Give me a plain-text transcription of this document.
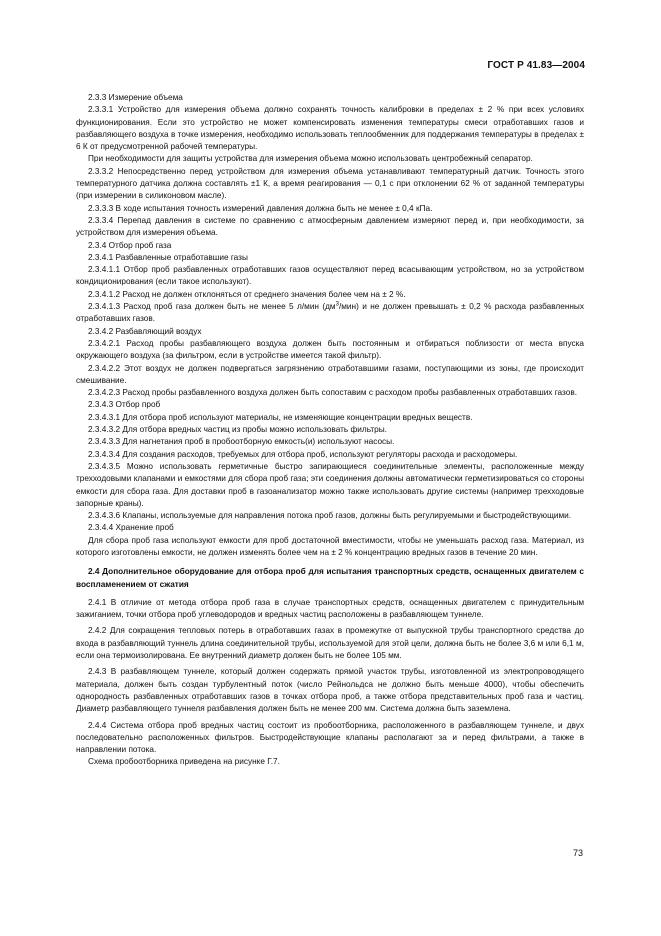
ГОСТ Р 41.83—2004
2.3.3 Измерение объема
2.3.3.1 Устройство для измерения объема должно сохранять точность калибровки в пределах ± 2 % при всех условиях функционирования. Если это устройство не может компенсировать изменения температуры смеси отработавших газов и разбавляющего воздуха в точке измерения, необходимо использовать теплообменник для поддержания температуры в пределах ± 6 К от предусмотренной рабочей температуры.
При необходимости для защиты устройства для измерения объема можно использовать центробежный сепаратор.
2.3.3.2 Непосредственно перед устройством для измерения объема устанавливают температурный датчик. Точность этого температурного датчика должна составлять ±1 К, а время реагирования — 0,1 с при отклонении 62 % от заданной температуры (при измерении в силиконовом масле).
2.3.3.3 В ходе испытания точность измерений давления должна быть не менее ± 0,4 кПа.
2.3.3.4 Перепад давления в системе по сравнению с атмосферным давлением измеряют перед и, при необходимости, за устройством для измерения объема.
2.3.4 Отбор проб газа
2.3.4.1 Разбавленные отработавшие газы
2.3.4.1.1 Отбор проб разбавленных отработавших газов осуществляют перед всасывающим устройством, но за устройством кондиционирования (если такое используют).
2.3.4.1.2 Расход не должен отклоняться от среднего значения более чем на ± 2 %.
2.3.4.1.3 Расход проб газа должен быть не менее 5 л/мин $(дм^3/мин)$ и не должен превышать ± 0,2 % расхода разбавленных отработавших газов.
2.3.4.2 Разбавляющий воздух
2.3.4.2.1 Расход пробы разбавляющего воздуха должен быть постоянным и отбираться поблизости от места впуска окружающего воздуха (за фильтром, если в устройстве имеется такой фильтр).
2.3.4.2.2 Этот воздух не должен подвергаться загрязнению отработавшими газами, поступающими из зоны, где происходит смешивание.
2.3.4.2.3 Расход пробы разбавленного воздуха должен быть сопоставим с расходом пробы разбавленных отработавших газов.
2.3.4.3 Отбор проб
2.3.4.3.1 Для отбора проб используют материалы, не изменяющие концентрации вредных веществ.
2.3.4.3.2 Для отбора вредных частиц из пробы можно использовать фильтры.
2.3.4.3.3 Для нагнетания проб в пробоотборную емкость(и) используют насосы.
2.3.4.3.4 Для создания расходов, требуемых для отбора проб, используют регуляторы расхода и расходомеры.
2.3.4.3.5 Можно использовать герметичные быстро запирающиеся соединительные элементы, расположенные между трехходовыми клапанами и емкостями для сбора проб газа; эти соединения должны автоматически герметизироваться со стороны емкости для сбора газа. Для доставки проб в газоанализатор можно также использовать другие системы (например трехходовые запорные краны).
2.3.4.3.6 Клапаны, используемые для направления потока проб газов, должны быть регулируемыми и быстродействующими.
2.3.4.4 Хранение проб
Для сбора проб газа используют емкости для проб достаточной вместимости, чтобы не уменьшать расход газа. Материал, из которого изготовлены емкости, не должен изменять более чем на ± 2 % концентрацию вредных газов в течение 20 мин.
2.4 Дополнительное оборудование для отбора проб для испытания транспортных средств, оснащенных двигателем с воспламенением от сжатия
2.4.1 В отличие от метода отбора проб газа в случае транспортных средств, оснащенных двигателем с принудительным зажиганием, точки отбора проб углеводородов и вредных частиц расположены в разбавляющем туннеле.
2.4.2 Для сокращения тепловых потерь в отработавших газах в промежутке от выпускной трубы транспортного средства до входа в разбавляющий туннель длина соединительной трубы, используемой для этой цели, должна быть не более 3,6 м или 6,1 м, если она термоизолирована. Ее внутренний диаметр должен быть не более 105 мм.
2.4.3 В разбавляющем туннеле, который должен содержать прямой участок трубы, изготовленной из электропроводящего материала, должен быть создан турбулентный поток (число Рейнольдса не должно быть меньше 4000), чтобы обеспечить однородность разбавленных отработавших газов в точках отбора проб, а также отбора представительных проб газа и частиц. Диаметр разбавляющего туннеля разбавления должен быть не менее 200 мм. Система должна быть заземлена.
2.4.4 Система отбора проб вредных частиц состоит из пробоотборника, расположенного в разбавляющем туннеле, и двух последовательно расположенных фильтров. Быстродействующие клапаны располагают за и перед фильтрами, а также в направлении потока.
Схема пробоотборника приведена на рисунке Г.7.
73
